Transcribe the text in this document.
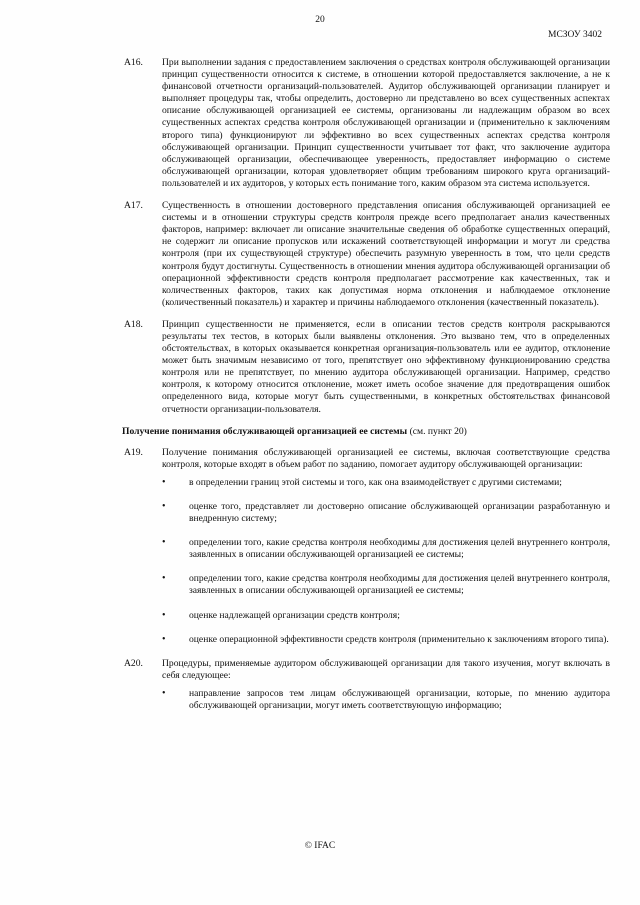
20
МСЗОУ 3402
A16. При выполнении задания с предоставлением заключения о средствах контроля обслуживающей организации принцип существенности относится к системе, в отношении которой предоставляется заключение, а не к финансовой отчетности организаций-пользователей. Аудитор обслуживающей организации планирует и выполняет процедуры так, чтобы определить, достоверно ли представлено во всех существенных аспектах описание обслуживающей организацией ее системы, организованы ли надлежащим образом во всех существенных аспектах средства контроля обслуживающей организации и (применительно к заключениям второго типа) функционируют ли эффективно во всех существенных аспектах средства контроля обслуживающей организации. Принцип существенности учитывает тот факт, что заключение аудитора обслуживающей организации, обеспечивающее уверенность, предоставляет информацию о системе обслуживающей организации, которая удовлетворяет общим требованиям широкого круга организаций-пользователей и их аудиторов, у которых есть понимание того, каким образом эта система используется.
A17. Существенность в отношении достоверного представления описания обслуживающей организацией ее системы и в отношении структуры средств контроля прежде всего предполагает анализ качественных факторов, например: включает ли описание значительные сведения об обработке существенных операций, не содержит ли описание пропусков или искажений соответствующей информации и могут ли средства контроля (при их существующей структуре) обеспечить разумную уверенность в том, что цели средств контроля будут достигнуты. Существенность в отношении мнения аудитора обслуживающей организации об операционной эффективности средств контроля предполагает рассмотрение как качественных, так и количественных факторов, таких как допустимая норма отклонения и наблюдаемое отклонение (количественный показатель) и характер и причины наблюдаемого отклонения (качественный показатель).
A18. Принцип существенности не применяется, если в описании тестов средств контроля раскрываются результаты тех тестов, в которых были выявлены отклонения. Это вызвано тем, что в определенных обстоятельствах, в которых оказывается конкретная организация-пользователь или ее аудитор, отклонение может быть значимым независимо от того, препятствует оно эффективному функционированию средства контроля или не препятствует, по мнению аудитора обслуживающей организации. Например, средство контроля, к которому относится отклонение, может иметь особое значение для предотвращения ошибок определенного вида, которые могут быть существенными, в конкретных обстоятельствах финансовой отчетности организации-пользователя.
Получение понимания обслуживающей организацией ее системы (см. пункт 20)
A19. Получение понимания обслуживающей организацией ее системы, включая соответствующие средства контроля, которые входят в объем работ по заданию, помогает аудитору обслуживающей организации:
• в определении границ этой системы и того, как она взаимодействует с другими системами;
• оценке того, представляет ли достоверно описание обслуживающей организации разработанную и внедренную систему;
• определении того, какие средства контроля необходимы для достижения целей внутреннего контроля, заявленных в описании обслуживающей организацией ее системы;
• определении того, какие средства контроля необходимы для достижения целей внутреннего контроля, заявленных в описании обслуживающей организацией ее системы;
• оценке надлежащей организации средств контроля;
• оценке операционной эффективности средств контроля (применительно к заключениям второго типа).
A20. Процедуры, применяемые аудитором обслуживающей организации для такого изучения, могут включать в себя следующее:
• направление запросов тем лицам обслуживающей организации, которые, по мнению аудитора обслуживающей организации, могут иметь соответствующую информацию;
© IFAC
